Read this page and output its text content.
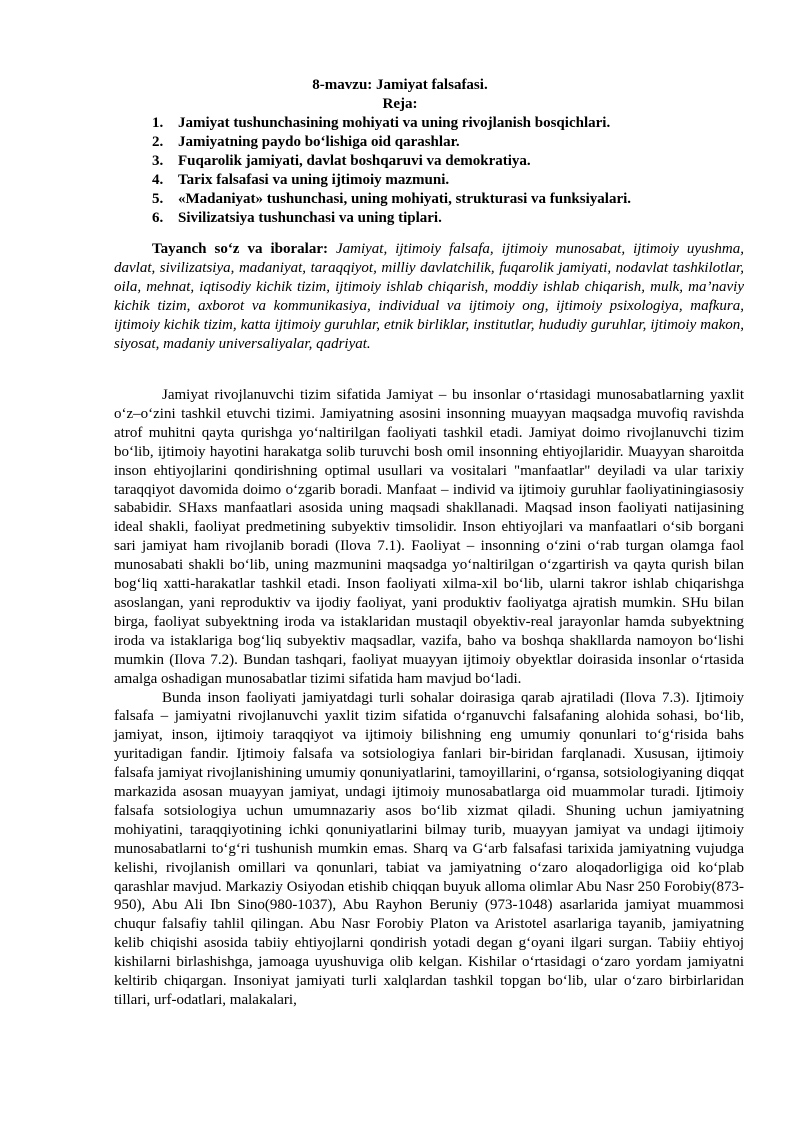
8-mavzu: Jamiyat falsafasi.
Reja:
1. Jamiyat tushunchasining mohiyati va uning rivojlanish bosqichlari.
2. Jamiyatning paydo bo‘lishiga oid qarashlar.
3. Fuqarolik jamiyati, davlat boshqaruvi va demokratiya.
4. Tarix falsafasi va uning ijtimoiy mazmuni.
5. «Madaniyat» tushunchasi, uning mohiyati, strukturasi va funksiyalari.
6. Sivilizatsiya tushunchasi va uning tiplari.

Tayanch so‘z va iboralar: Jamiyat, ijtimoiy falsafa, ijtimoiy munosabat, ijtimoiy uyushma, davlat, sivilizatsiya, madaniyat, taraqqiyot, milliy davlatchilik, fuqarolik jamiyati, nodavlat tashkilotlar, oila, mehnat, iqtisodiy kichik tizim, ijtimoiy ishlab chiqarish, moddiy ishlab chiqarish, mulk, ma’naviy kichik tizim, axborot va kommunikasiya, individual va ijtimoiy ong, ijtimoiy psixologiya, mafkura, ijtimoiy kichik tizim, katta ijtimoiy guruhlar, etnik birliklar, institutlar, hududiy guruhlar, ijtimoiy makon, siyosat, madaniy universaliyalar, qadriyat.

Jamiyat rivojlanuvchi tizim sifatida Jamiyat – bu insonlar o‘rtasidagi munosabatlarning yaxlit o‘z–o‘zini tashkil etuvchi tizimi. Jamiyatning asosini insonning muayyan maqsadga muvofiq ravishda atrof muhitni qayta qurishga yo‘naltirilgan faoliyati tashkil etadi. Jamiyat doimo rivojlanuvchi tizim bo‘lib, ijtimoiy hayotini harakatga solib turuvchi bosh omil insonning ehtiyojlaridir. Muayyan sharoitda inson ehtiyojlarini qondirishning optimal usullari va vositalari "manfaatlar" deyiladi va ular tarixiy taraqqiyot davomida doimo o‘zgarib boradi. Manfaat – individ va ijtimoiy guruhlar faoliyatiningiasosiy sababidir. SHaxs manfaatlari asosida uning maqsadi shakllanadi. Maqsad inson faoliyati natijasining ideal shakli, faoliyat predmetining subyektiv timsolidir. Inson ehtiyojlari va manfaatlari o‘sib borgani sari jamiyat ham rivojlanib boradi (Ilova 7.1). Faoliyat – insonning o‘zini o‘rab turgan olamga faol munosabati shakli bo‘lib, uning mazmunini maqsadga yo‘naltirilgan o‘zgartirish va qayta qurish bilan bog‘liq xatti-harakatlar tashkil etadi. Inson faoliyati xilma-xil bo‘lib, ularni takror ishlab chiqarishga asoslangan, yani reproduktiv va ijodiy faoliyat, yani produktiv faoliyatga ajratish mumkin. SHu bilan birga, faoliyat subyektning iroda va istaklaridan mustaqil obyektiv-real jarayonlar hamda subyektning iroda va istaklariga bog‘liq subyektiv maqsadlar, vazifa, baho va boshqa shakllarda namoyon bo‘lishi mumkin (Ilova 7.2). Bundan tashqari, faoliyat muayyan ijtimoiy obyektlar doirasida insonlar o‘rtasida amalga oshadigan munosabatlar tizimi sifatida ham mavjud bo‘ladi.

Bunda inson faoliyati jamiyatdagi turli sohalar doirasiga qarab ajratiladi (Ilova 7.3). Ijtimoiy falsafa – jamiyatni rivojlanuvchi yaxlit tizim sifatida o‘rganuvchi falsafaning alohida sohasi, bo‘lib, jamiyat, inson, ijtimoiy taraqqiyot va ijtimoiy bilishning eng umumiy qonunlari to‘g‘risida bahs yuritadigan fandir. Ijtimoiy falsafa va sotsiologiya fanlari bir-biridan farqlanadi. Xususan, ijtimoiy falsafa jamiyat rivojlanishining umumiy qonuniyatlarini, tamoyillarini, o‘rgansa, sotsiologiyaning diqqat markazida asosan muayyan jamiyat, undagi ijtimoiy munosabatlarga oid muammolar turadi. Ijtimoiy falsafa sotsiologiya uchun umumnazariy asos bo‘lib xizmat qiladi. Shuning uchun jamiyatning mohiyatini, taraqqiyotining ichki qonuniyatlarini bilmay turib, muayyan jamiyat va undagi ijtimoiy munosabatlarni to‘g‘ri tushunish mumkin emas. Sharq va G‘arb falsafasi tarixida jamiyatning vujudga kelishi, rivojlanish omillari va qonunlari, tabiat va jamiyatning o‘zaro aloqadorligiga oid ko‘plab qarashlar mavjud. Markaziy Osiyodan etishib chiqqan buyuk alloma olimlar Abu Nasr 250 Forobiy(873-950), Abu Ali Ibn Sino(980-1037), Abu Rayhon Beruniy (973-1048) asarlarida jamiyat muammosi chuqur falsafiy tahlil qilingan. Abu Nasr Forobiy Platon va Aristotel asarlariga tayanib, jamiyatning kelib chiqishi asosida tabiiy ehtiyojlarni qondirish yotadi degan g‘oyani ilgari surgan. Tabiiy ehtiyoj kishilarni birlashishga, jamoaga uyushuviga olib kelgan. Kishilar o‘rtasidagi o‘zaro yordam jamiyatni keltirib chiqargan. Insoniyat jamiyati turli xalqlardan tashkil topgan bo‘lib, ular o‘zaro birbirlaridan tillari, urf-odatlari, malakalari,
